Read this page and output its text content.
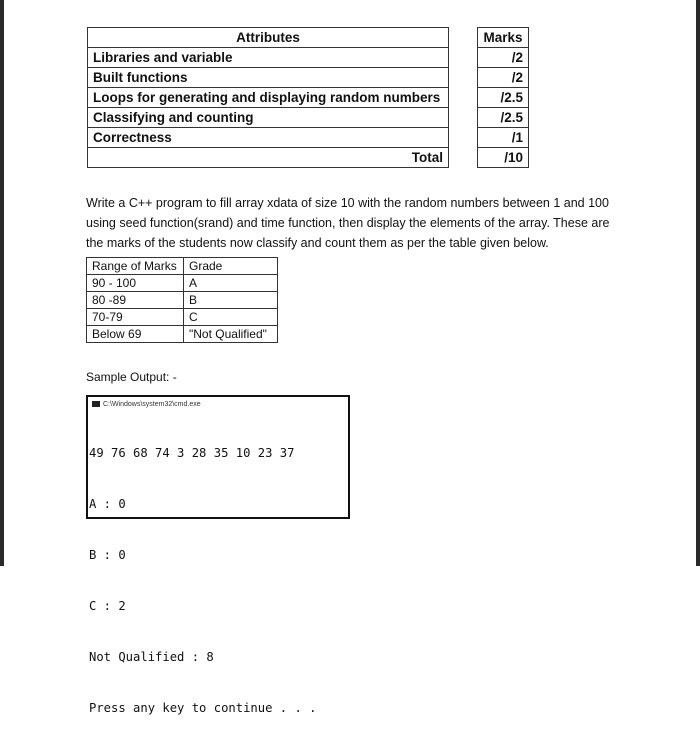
Attributes		Marks
Libraries and variable		/2
Built functions		/2
Loops for generating and displaying random numbers		/2.5
Classifying and counting		/2.5
Correctness		/1
Total		/10
Write a C++ program to fill array xdata of size 10 with the random numbers between 1 and 100 using seed function(srand) and time function, then display the elements of the array. These are the marks of the students now classify and count them as per the table given below.
Range of Marks	Grade
90 - 100	A
80 -89	B
70-79	C
Below 69	"Not Qualified"
Sample Output: -
C:\Windows\system32\cmd.exe

49 76 68 74 3 28 35 10 23 37

A : 0

B : 0

C : 2

Not Qualified : 8

Press any key to continue . . .
